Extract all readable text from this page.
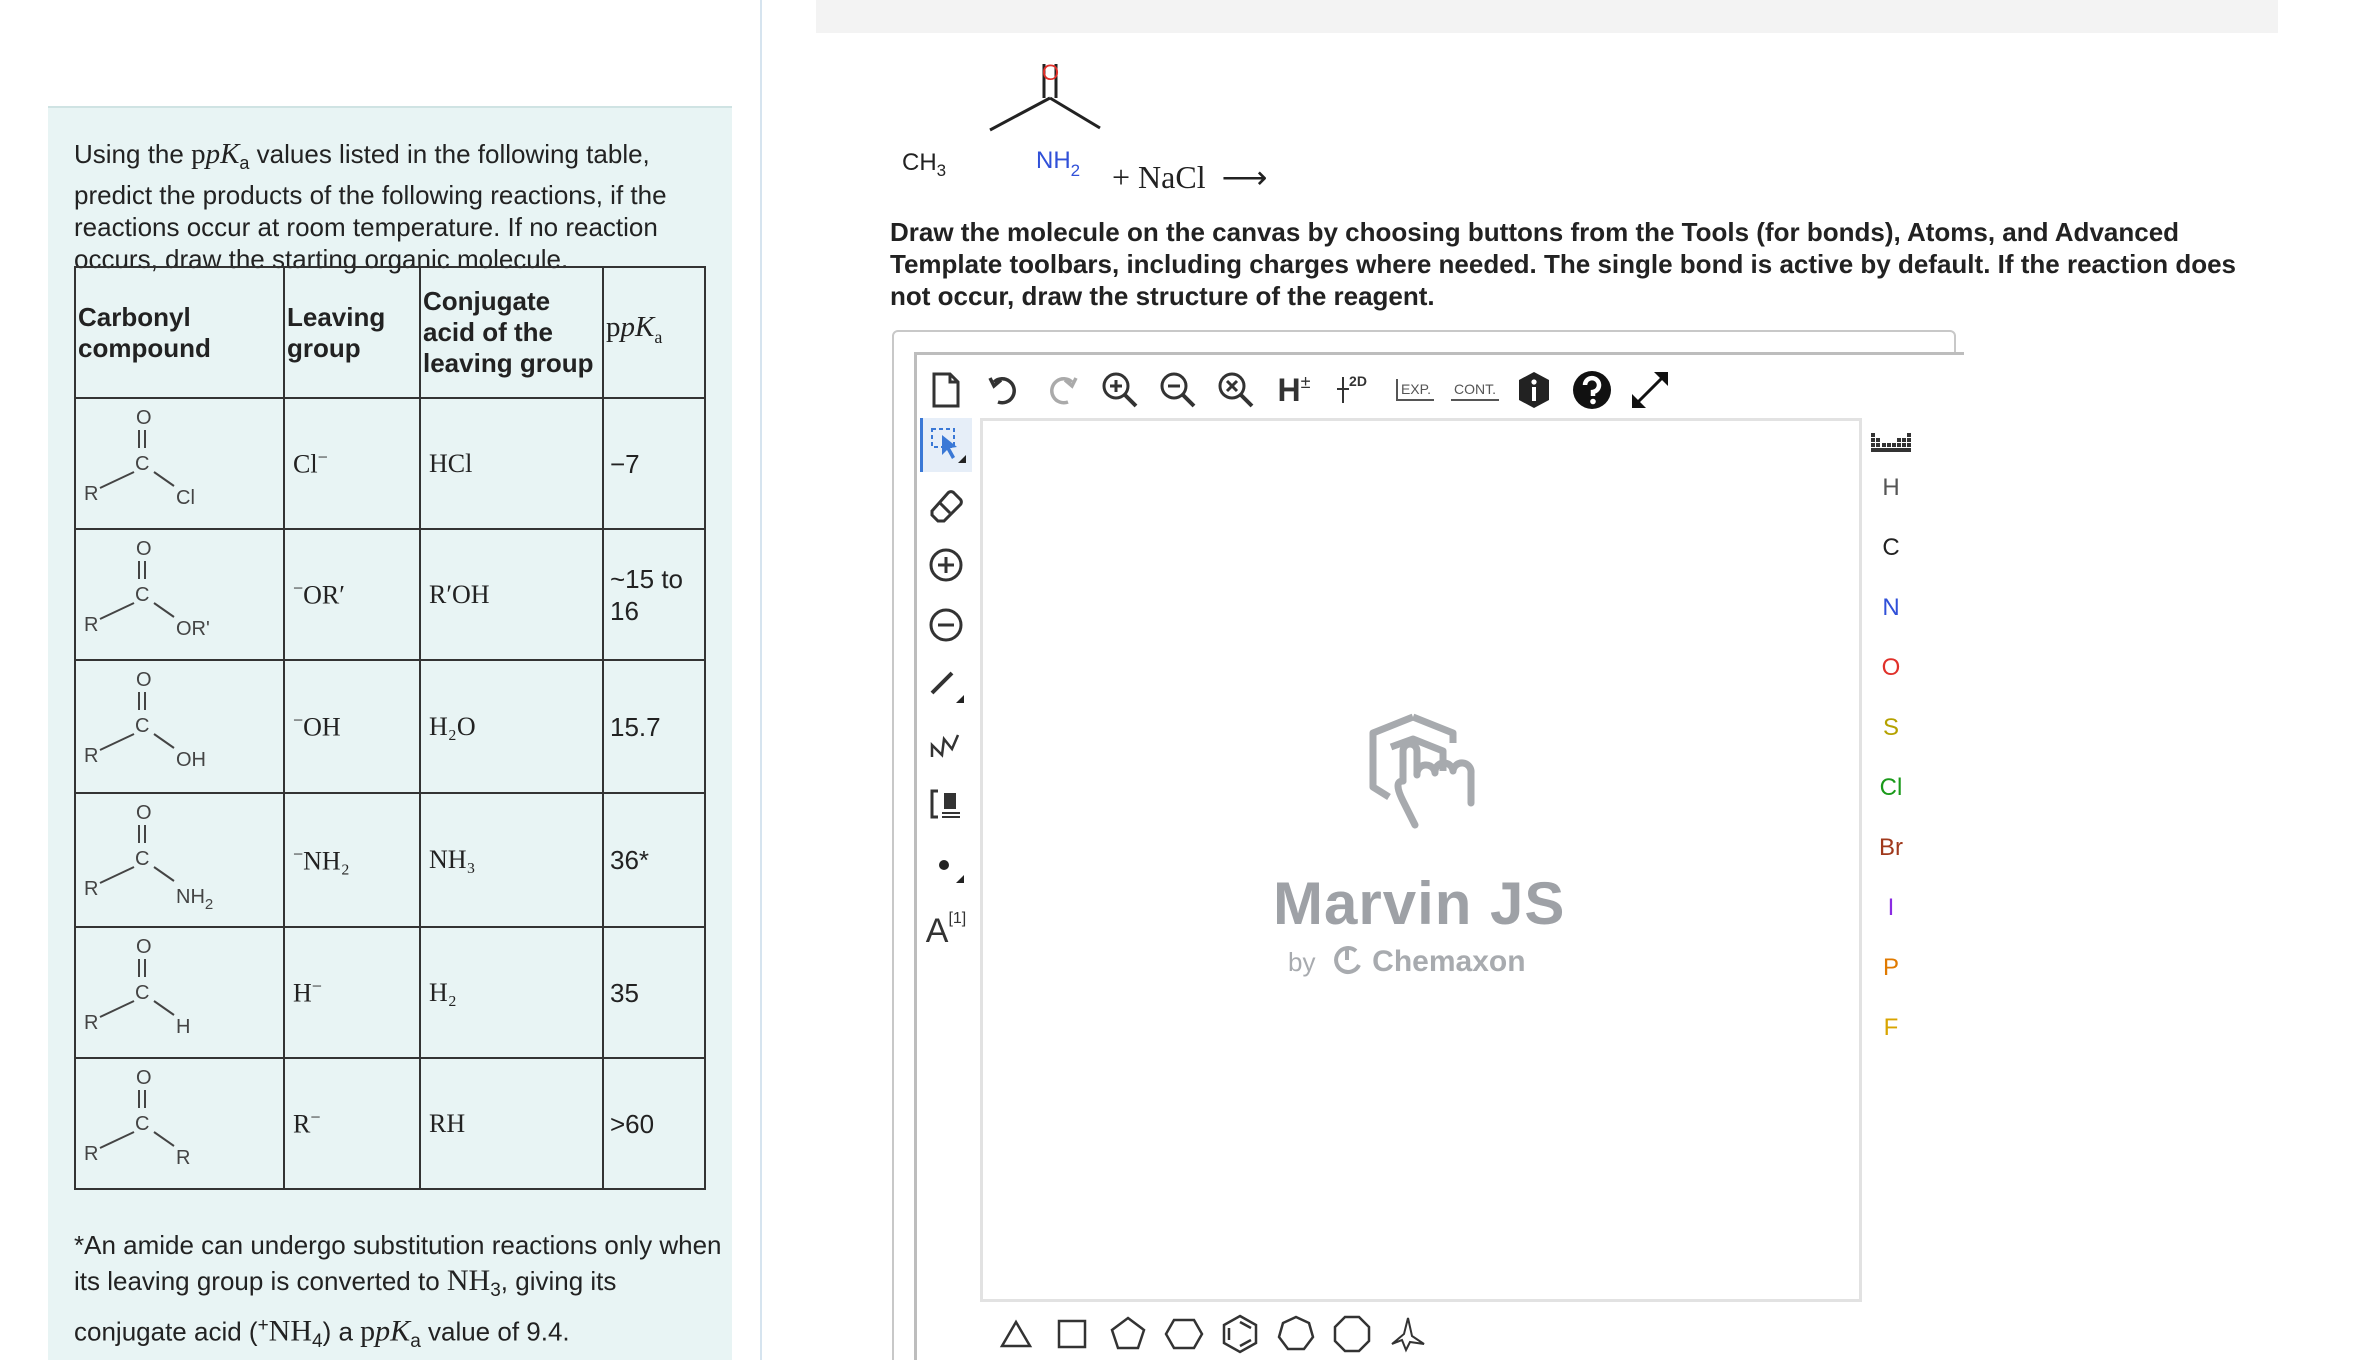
Using the ppK$_a$ values listed in the following table, predict the products of the following reactions, if the reactions occur at room temperature. If no reaction occurs, draw the starting organic molecule.
Carbonyl compound	Leaving group	Conjugate acid of the leaving group	ppK$_a$

O
C
R Cl	Cl−	HCl	−7

O
C
R OR'	−OR′	R′OH	~15 to 16

O
C
R OH	−OH	H₂O	15.7

O
C
R $NH_2$	−NH₂	NH₃	36*

O
C
R H	H−	H₂	35

O
C
R R	R−	RH	>60
*An amide can undergo substitution reactions only when its leaving group is converted to $NH_3$, giving its conjugate acid $(^+NH_4)$ a ppK$_a$ value of 9.4.
O
$CH_3$	$NH_2$ + NaCl ⟶
Draw the molecule on the canvas by choosing buttons from the Tools (for bonds), Atoms, and Advanced Template toolbars, including charges where needed. The single bond is active by default. If the reaction does not occur, draw the structure of the reagent.
H ±	2D	EXP. CONT.
A [1]	Marvin JS
by Chemaxon
H
C
N
O
S
Cl
Br
I
P
F
